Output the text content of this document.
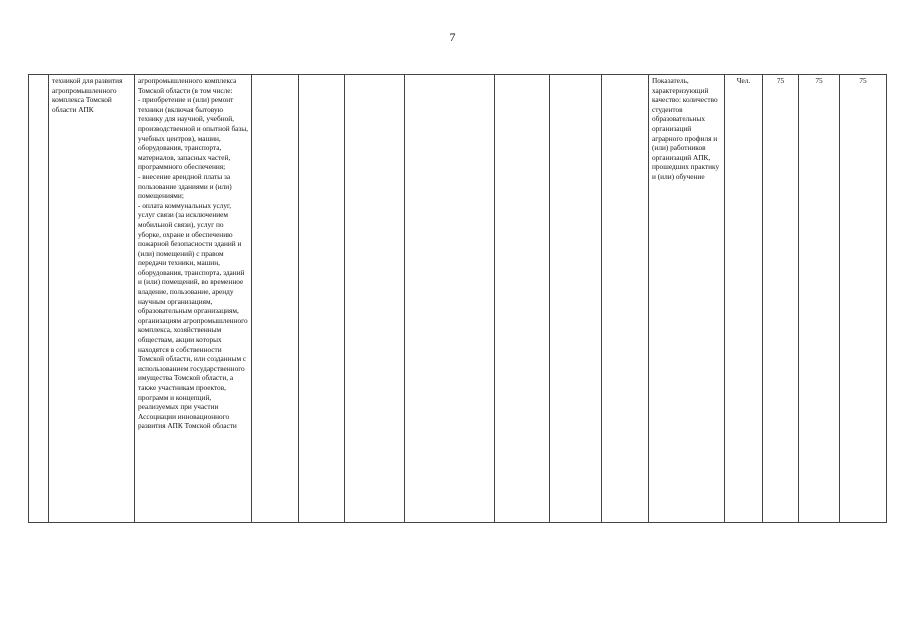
7
	техникой для развития агропромышленного комплекса Томской области АПК	агропромышленного комплекса Томской области (в том числе:
- приобретение и (или) ремонт техники (включая бытовую технику для научной, учебной, производственной и опытной базы, учебных центров), машин, оборудования, транспорта, материалов, запасных частей, программного обеспечения;
- внесение арендной платы за пользование зданиями и (или) помещениями;
- оплата коммунальных услуг, услуг связи (за исключением мобильной связи), услуг по уборке, охране и обеспечению пожарной безопасности зданий и (или) помещений) с правом передачи техники, машин, оборудования, транспорта, зданий и (или) помещений, во временное владение, пользование, аренду научным организациям, образовательным организациям, организациям агропромышленного комплекса, хозяйственным обществам, акции которых находятся в собственности Томской области, или созданным с использованием государственного имущества Томской области, а также участникам проектов, программ и концепций, реализуемых при участии Ассоциации инновационного развития АПК Томской области								Показатель, характеризующий качество: количество студентов образовательных организаций аграрного профиля и (или) работников организаций АПК, прошедших практику и (или) обучение	Чел.	75	75	75
